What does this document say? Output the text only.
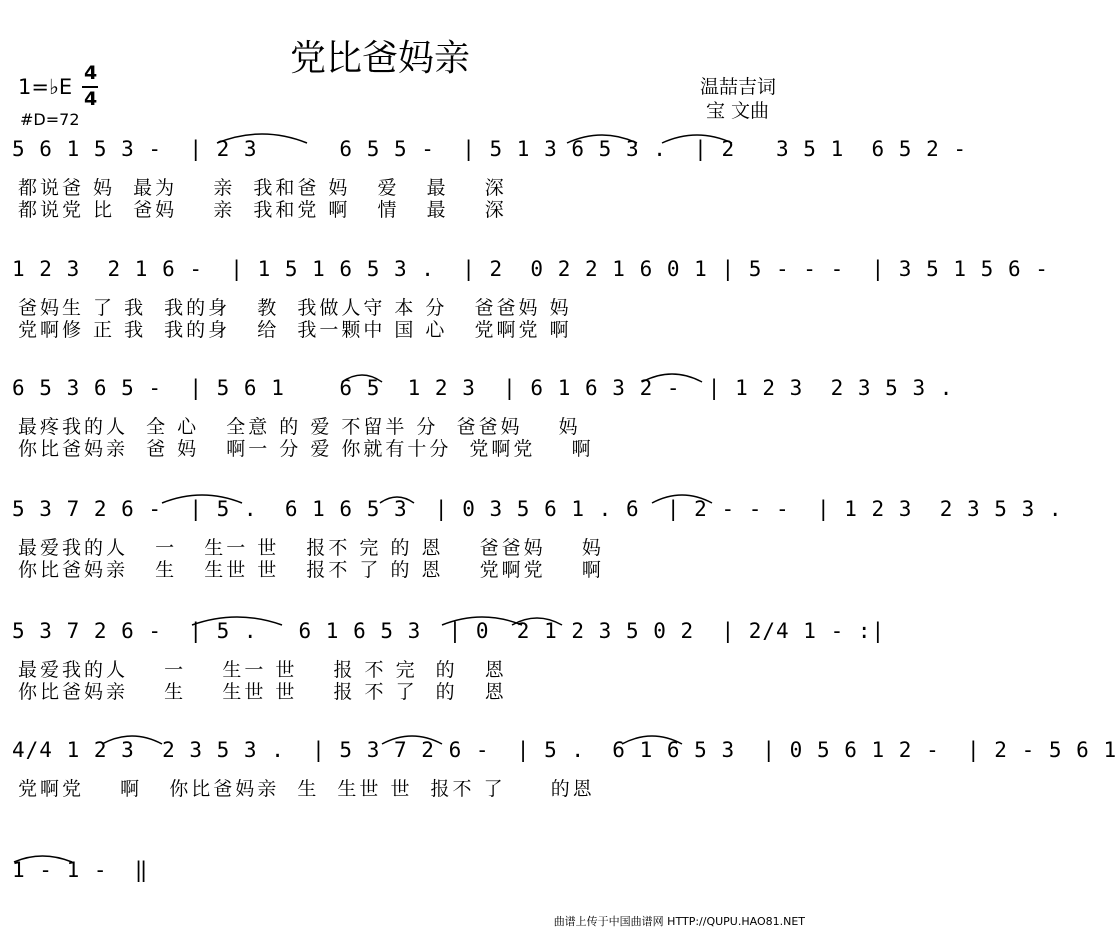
党比爸妈亲
1=♭E
4
4
#D=72
温喆吉词
宝 文曲
5 6 1 5 3 -  | 2 3      6 5 5 -  | 5 1 3 6 5 3 .  | 2   3 5 1  6 5 2 -
都说爸 妈  最为    亲  我和爸 妈   爱   最    深
都说党 比  爸妈    亲  我和党 啊   情   最    深
1 2 3  2 1 6 -  | 1 5 1 6 5 3 .  | 2  0 2 2 1 6 0 1 | 5 - - -  | 3 5 1 5 6 -
爸妈生 了 我  我的身   教  我做人守 本 分   爸爸妈 妈
党啊修 正 我  我的身   给  我一颗中 国 心   党啊党 啊
6 5 3 6 5 -  | 5 6 1    6 5  1 2 3  | 6 1 6 3 2 -  | 1 2 3  2 3 5 3 .
最疼我的人  全 心   全意 的 爱 不留半 分  爸爸妈    妈
你比爸妈亲  爸 妈   啊一 分 爱 你就有十分  党啊党    啊
5 3 7 2 6 -  | 5 .  6 1 6 5 3  | 0 3 5 6 1 . 6  | 2 - - -  | 1 2 3  2 3 5 3 .
最爱我的人   一   生一 世   报不 完 的 恩    爸爸妈    妈
你比爸妈亲   生   生世 世   报不 了 的 恩    党啊党    啊
5 3 7 2 6 -  | 5 .   6 1 6 5 3  | 0  2 1 2 3 5 0 2  | 2/4 1 - :|
最爱我的人    一    生一 世    报 不 完  的   恩
你比爸妈亲    生    生世 世    报 不 了  的   恩
4/4 1 2 3  2 3 5 3 .  | 5 3 7 2 6 -  | 5 .  6 1 6 5 3  | 0 5 6 1 2 -  | 2 - 5 6 1
党啊党    啊   你比爸妈亲  生  生世 世  报不 了     的恩
1 - 1 -  ‖
曲谱上传于中国曲谱网 HTTP://QUPU.HAO81.NET
